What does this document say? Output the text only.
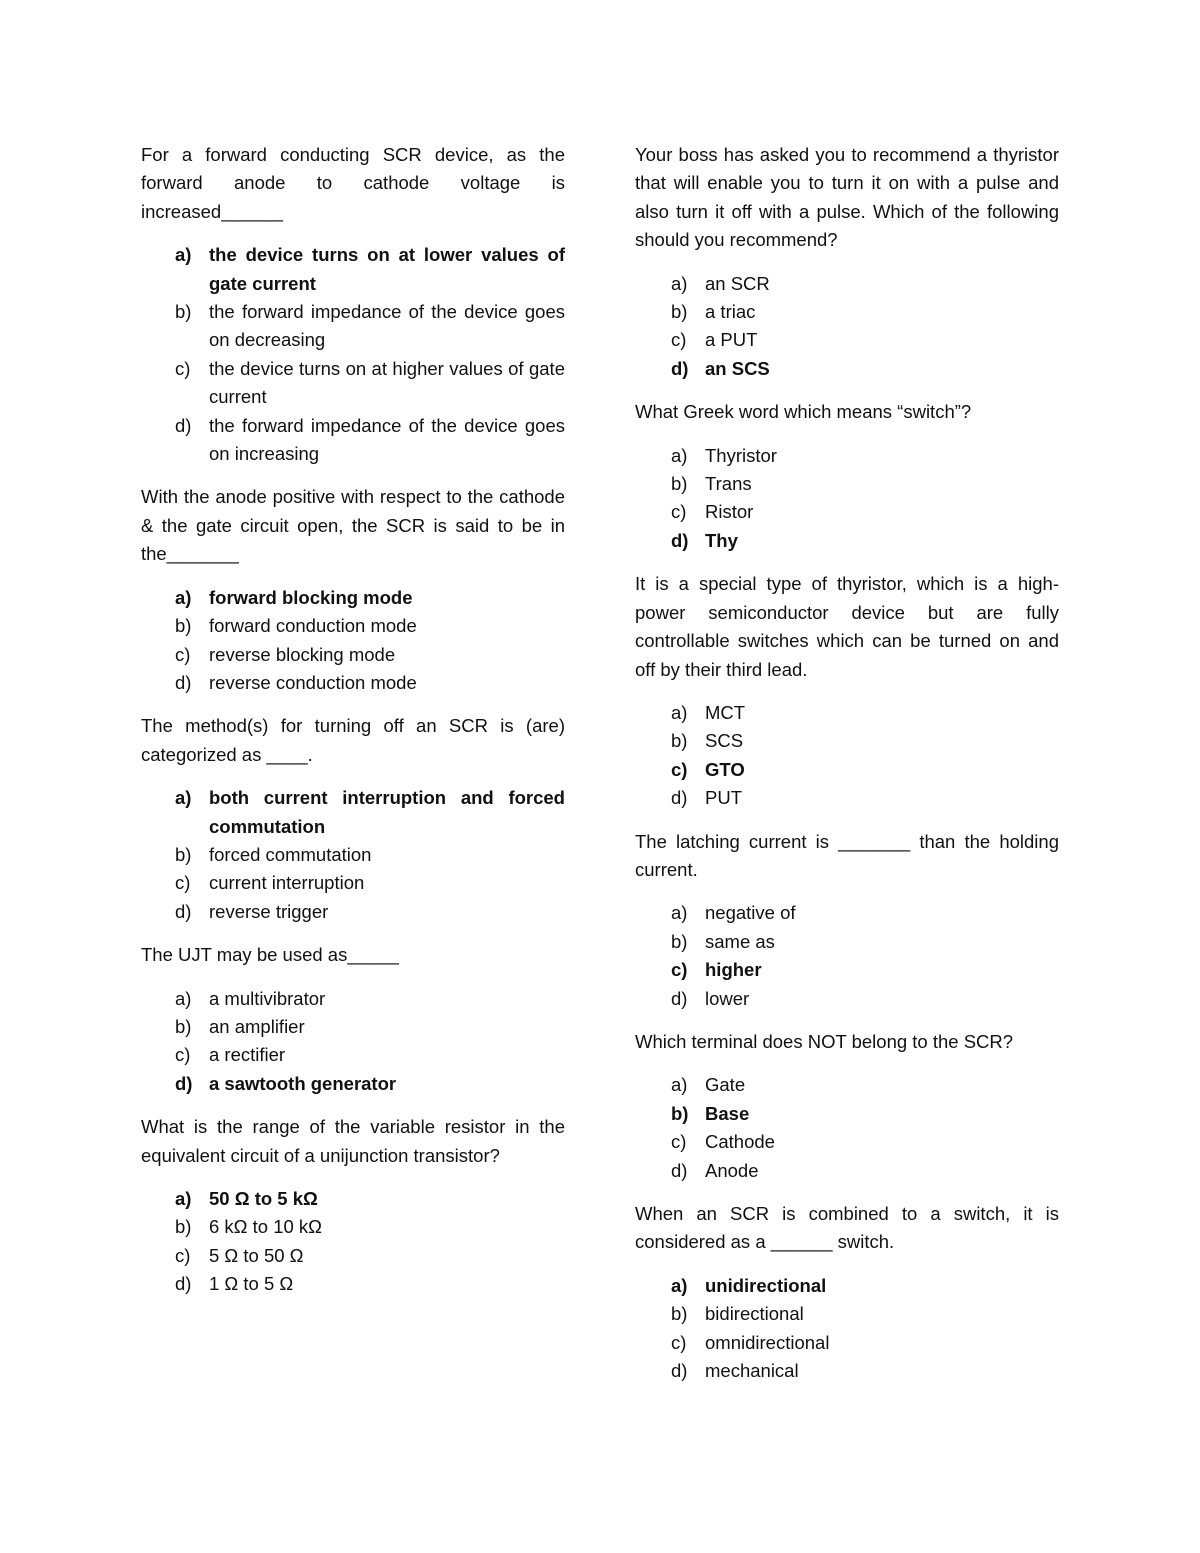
For a forward conducting SCR device, as the forward anode to cathode voltage is increased______

a) the device turns on at lower values of gate current
b) the forward impedance of the device goes on decreasing
c)	the device turns on at higher values of gate current
d) the forward impedance of the device goes on increasing

With the anode positive with respect to the cathode & the gate circuit open, the SCR is said to be in the_______

a) forward blocking mode
b) forward conduction mode
c)	reverse blocking mode
d) reverse conduction mode

The method(s) for turning off an SCR is (are) categorized as ____.

a) both current interruption and forced commutation
b) forced commutation
c)	current interruption
d) reverse trigger

The UJT may be used as_____

a) a multivibrator
b) an amplifier
c)	a rectifier
d) a sawtooth generator

What is the range of the variable resistor in the equivalent circuit of a unijunction transistor?

a) 50 Ω to 5 kΩ
b) 6 kΩ to 10 kΩ
c)	5 Ω to 50 Ω
d) 1 Ω to 5 Ω

Your boss has asked you to recommend a thyristor that will enable you to turn it on with a pulse and also turn it off with a pulse. Which of the following should you recommend?

a) an SCR
b) a triac
c)	a PUT
d) an SCS

What Greek word which means “switch”?

a) Thyristor
b) Trans
c)	Ristor
d) Thy

It is a special type of thyristor, which is a high-power semiconductor device but are fully controllable switches which can be turned on and off by their third lead.

a) MCT
b) SCS
c) GTO
d) PUT

The latching current is _______ than the holding current.

a) negative of
b) same as
c) higher
d) lower

Which terminal does NOT belong to the SCR?

a) Gate
b) Base
c)	Cathode
d) Anode

When an SCR is combined to a switch, it is considered as a ______ switch.

a) unidirectional
b) bidirectional
c)	omnidirectional
d) mechanical
